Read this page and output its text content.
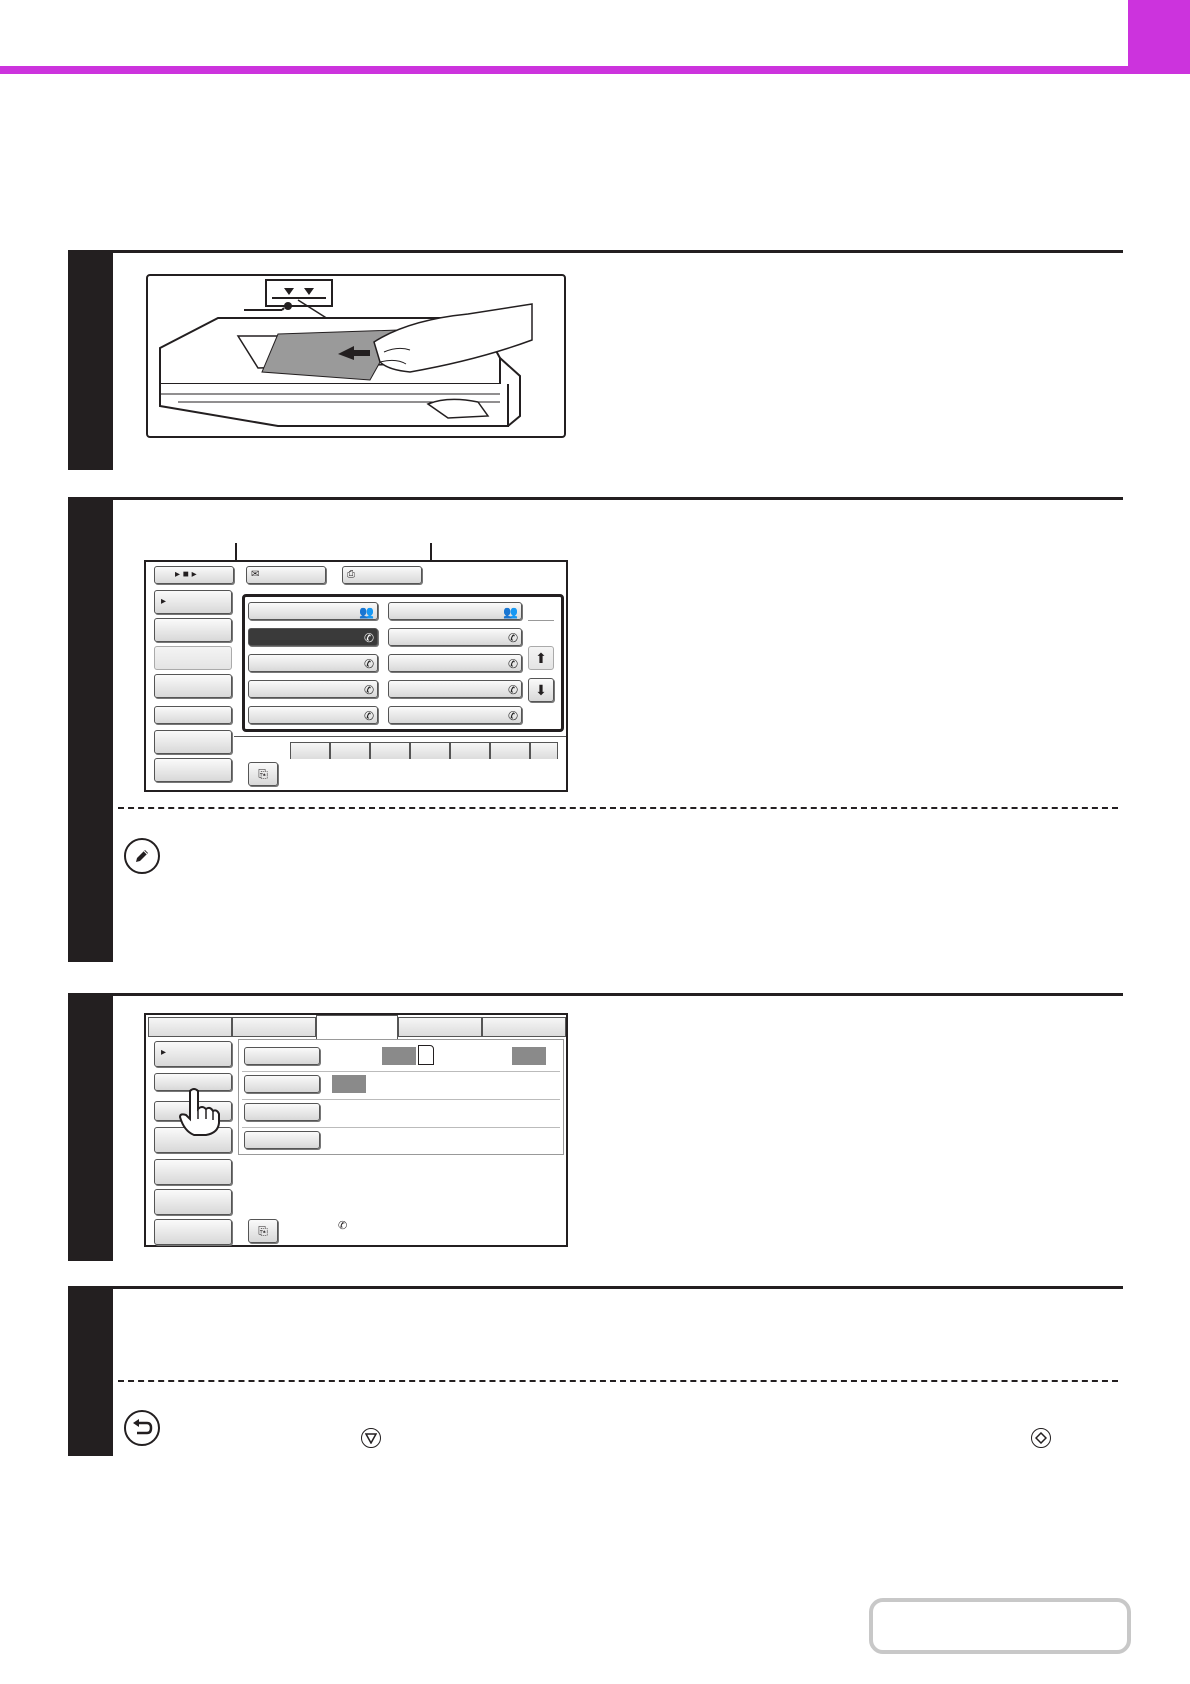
▸ ■ ▸	✉	⎙
▸
👥
✆
✆
✆
✆
👥
✆
✆
✆
✆
⬆
⬇
⎘
▸
⎘	✆
